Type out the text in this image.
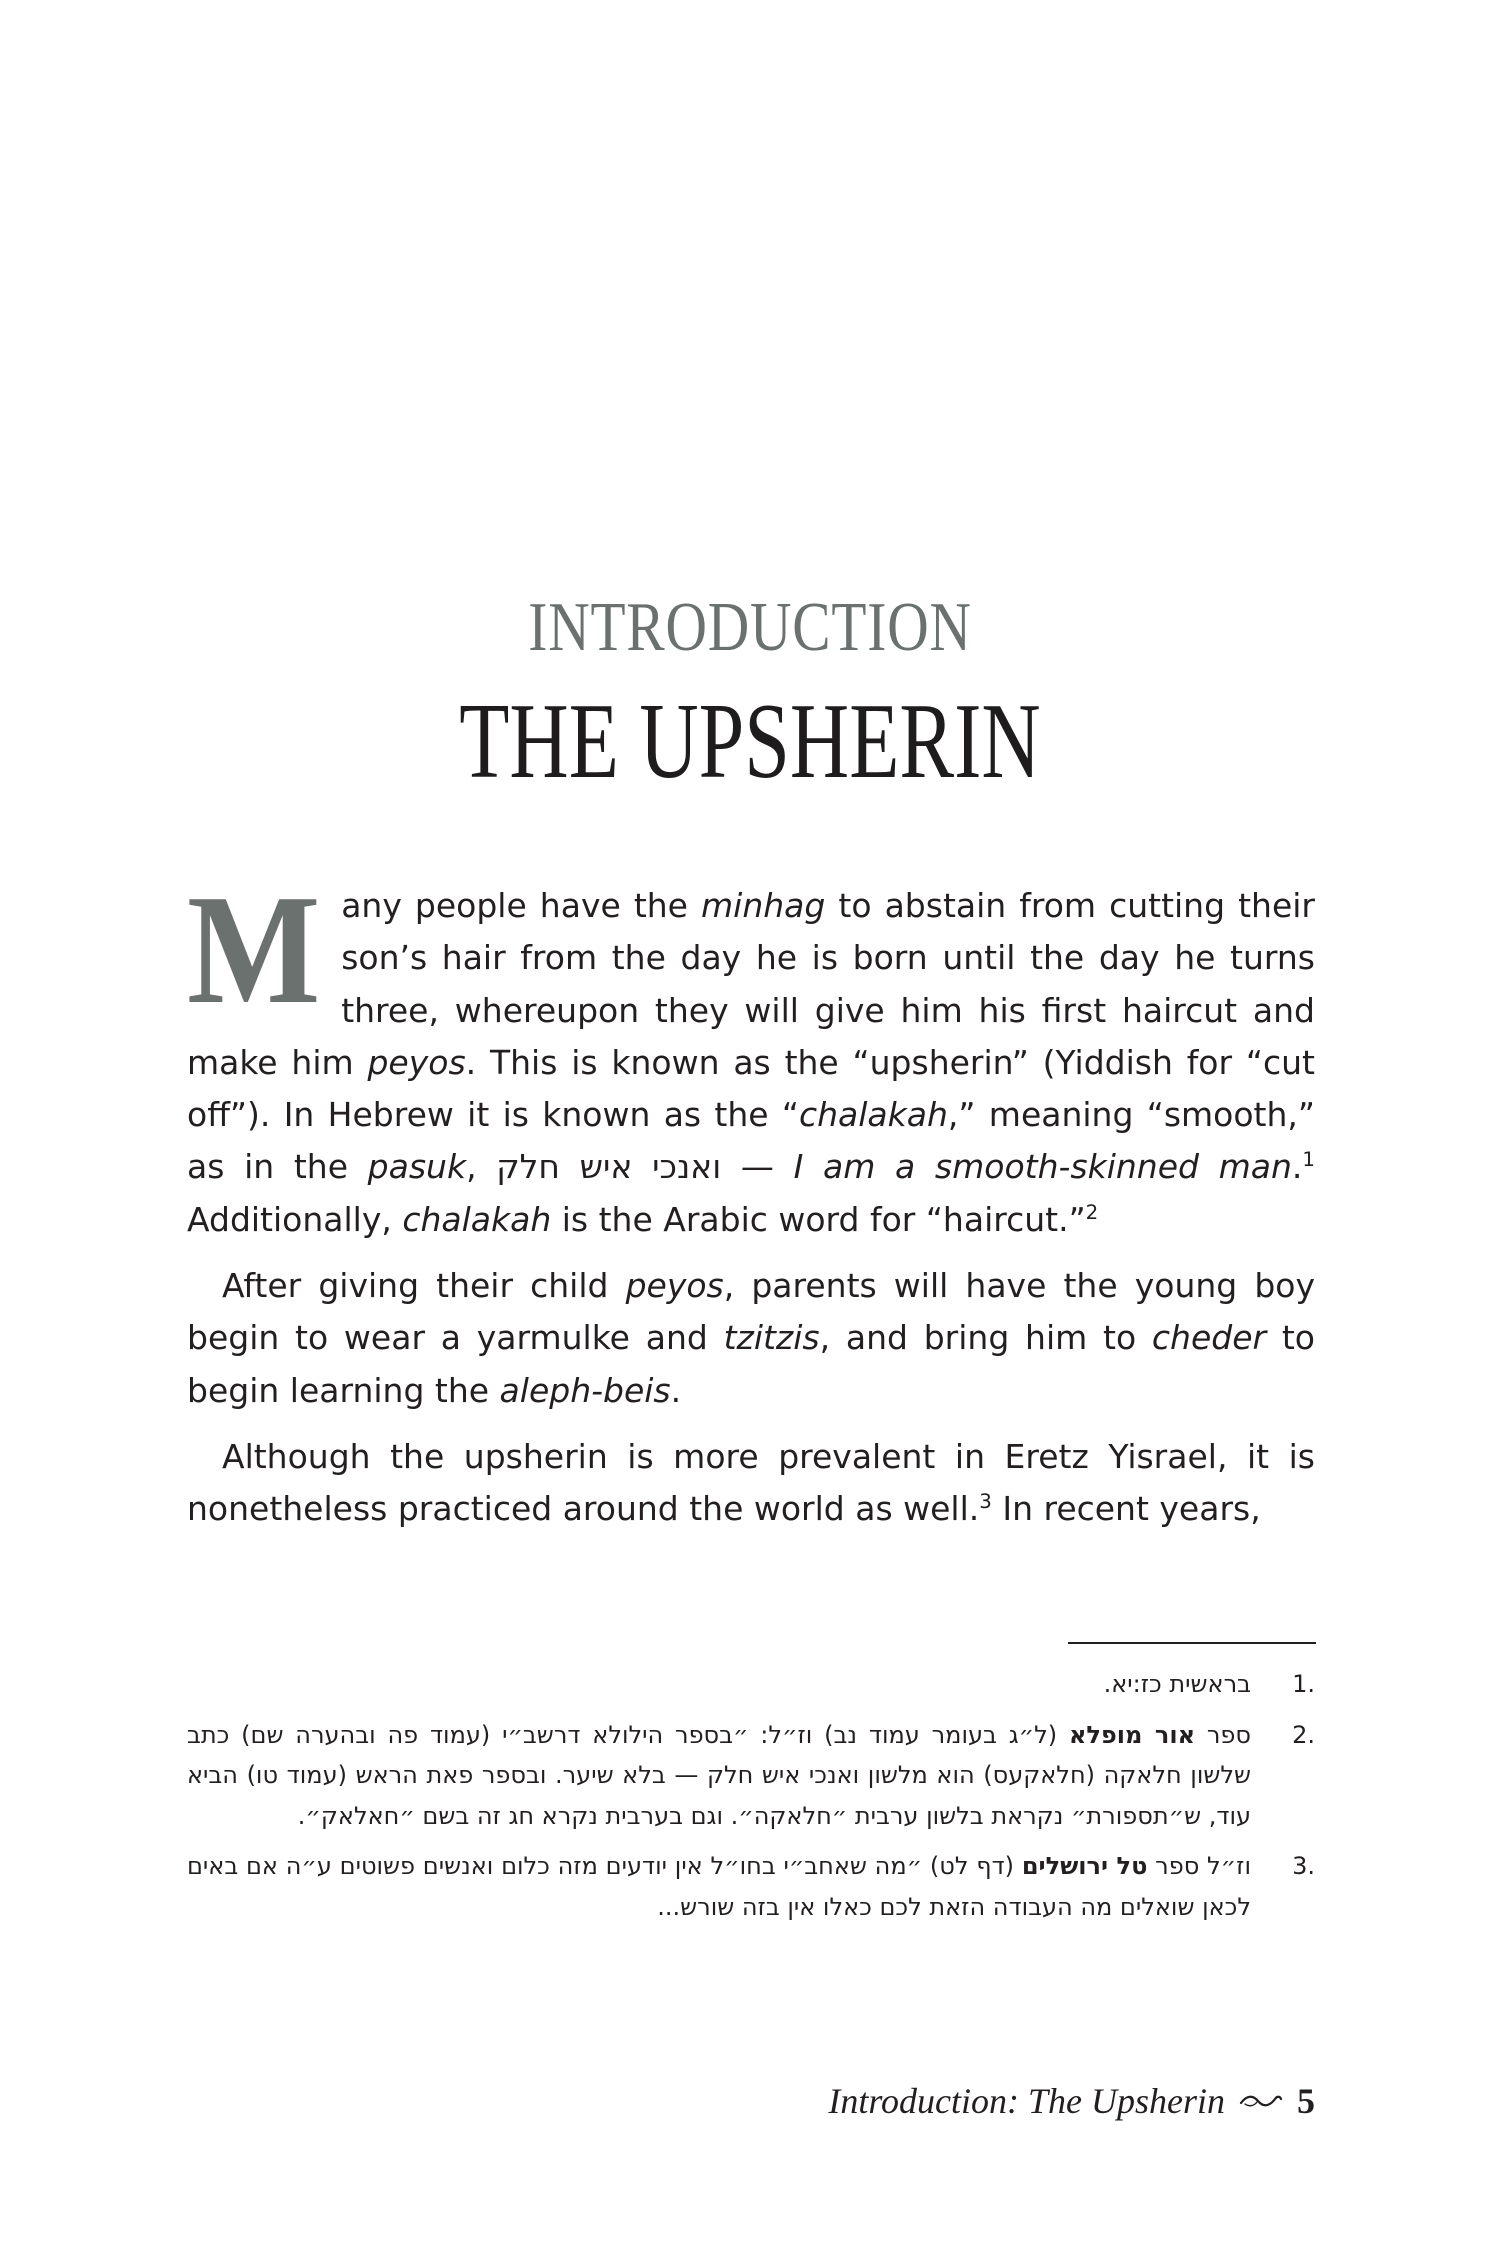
INTRODUCTION
THE UPSHERIN

Many people have the minhag to abstain from cutting their son’s hair from the day he is born until the day he turns three, whereupon they will give him his first haircut and make him peyos. This is known as the “upsherin” (Yiddish for “cut off”). In Hebrew it is known as the “chalakah,” meaning “smooth,” as in the pasuk, ואנכי איש חלק — I am a smooth-skinned man.$^1$ Additionally, chalakah is the Arabic word for “haircut.”$^2$

After giving their child peyos, parents will have the young boy begin to wear a yarmulke and tzitzis, and bring him to cheder to begin learning the aleph-beis.

Although the upsherin is more prevalent in Eretz Yisrael, it is nonetheless practiced around the world as well.$^3$ In recent years,

1.
בראשית כז:יא.
2.
ספר אור מופלא (ל״ג בעומר עמוד נב) וז״ל: ״בספר הילולא דרשב״י (עמוד פה ובהערה שם) כתב שלשון חלאקה (חלאקעס) הוא מלשון ואנכי איש חלק — בלא שיער. ובספר פאת הראש (עמוד טו) הביא עוד, ש״תספורת״ נקראת בלשון ערבית ״חלאקה״. וגם בערבית נקרא חג זה בשם ״חאלאק״.
3.
וז״ל ספר טל ירושלים (דף לט) ״מה שאחב״י בחו״ל אין יודעים מזה כלום ואנשים פשוטים ע״ה אם באים לכאן שואלים מה העבודה הזאת לכם כאלו אין בזה שורש...
Introduction: The Upsherin 5
